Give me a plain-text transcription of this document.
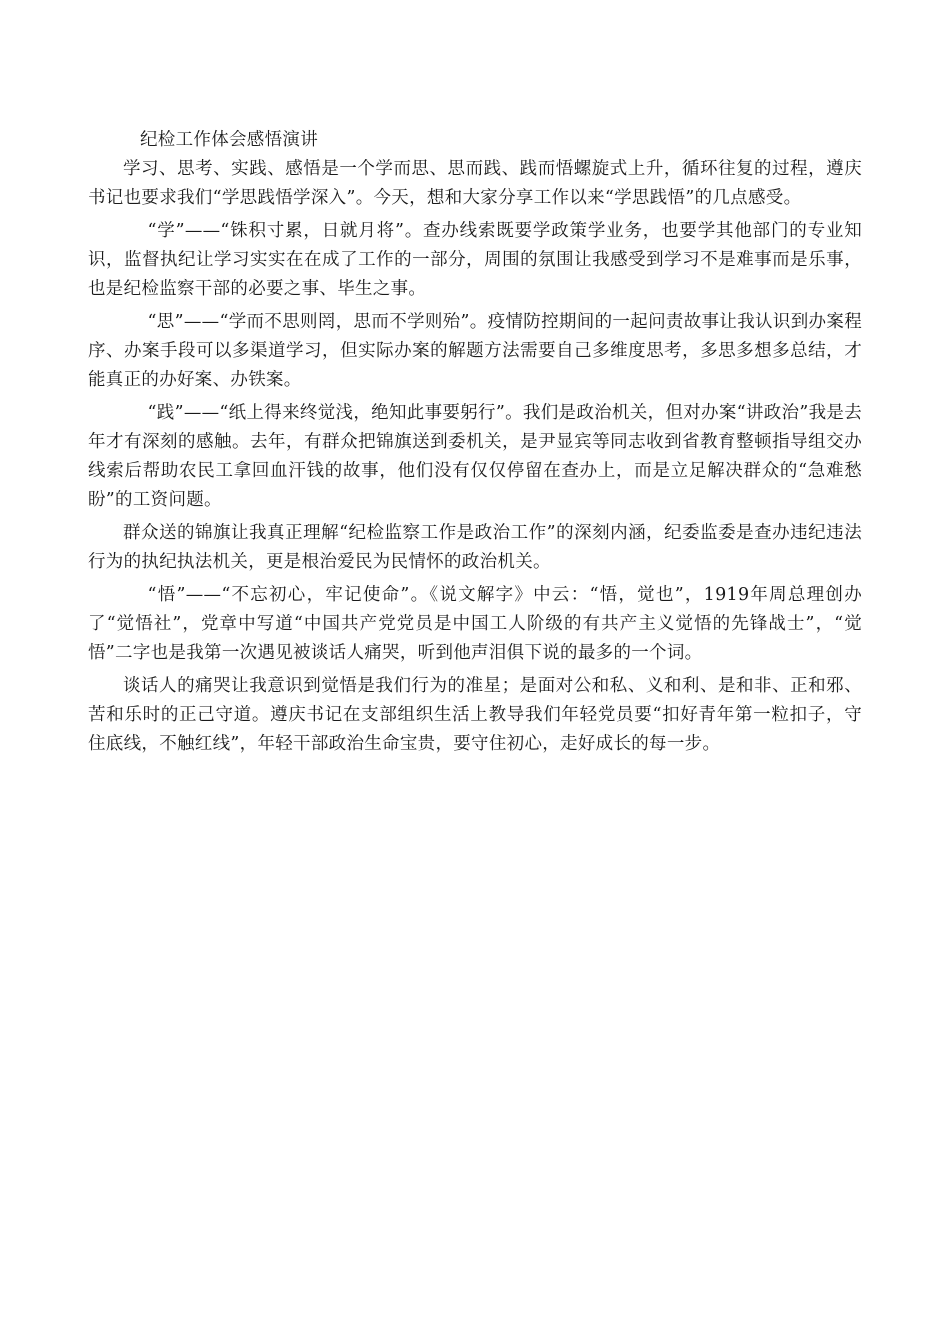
纪检工作体会感悟演讲

学习、思考、实践、感悟是一个学而思、思而践、践而悟螺旋式上升，循环往复的过程，遵庆书记也要求我们“学思践悟学深入”。今天，想和大家分享工作以来“学思践悟”的几点感受。

“学”——“铢积寸累，日就月将”。查办线索既要学政策学业务，也要学其他部门的专业知识，监督执纪让学习实实在在成了工作的一部分，周围的氛围让我感受到学习不是难事而是乐事，也是纪检监察干部的必要之事、毕生之事。

“思”——“学而不思则罔，思而不学则殆”。疫情防控期间的一起问责故事让我认识到办案程序、办案手段可以多渠道学习，但实际办案的解题方法需要自己多维度思考，多思多想多总结，才能真正的办好案、办铁案。

“践”——“纸上得来终觉浅，绝知此事要躬行”。我们是政治机关，但对办案“讲政治”我是去年才有深刻的感触。去年，有群众把锦旗送到委机关，是尹显宾等同志收到省教育整顿指导组交办线索后帮助农民工拿回血汗钱的故事，他们没有仅仅停留在查办上，而是立足解决群众的“急难愁盼”的工资问题。

群众送的锦旗让我真正理解“纪检监察工作是政治工作”的深刻内涵，纪委监委是查办违纪违法行为的执纪执法机关，更是根治爱民为民情怀的政治机关。

“悟”——“不忘初心，牢记使命”。《说文解字》中云：“悟，觉也”，1919年周总理创办了“觉悟社”，党章中写道“中国共产党党员是中国工人阶级的有共产主义觉悟的先锋战士”，“觉悟”二字也是我第一次遇见被谈话人痛哭，听到他声泪俱下说的最多的一个词。

谈话人的痛哭让我意识到觉悟是我们行为的准星；是面对公和私、义和利、是和非、正和邪、苦和乐时的正己守道。遵庆书记在支部组织生活上教导我们年轻党员要“扣好青年第一粒扣子，守住底线，不触红线”，年轻干部政治生命宝贵，要守住初心，走好成长的每一步。
